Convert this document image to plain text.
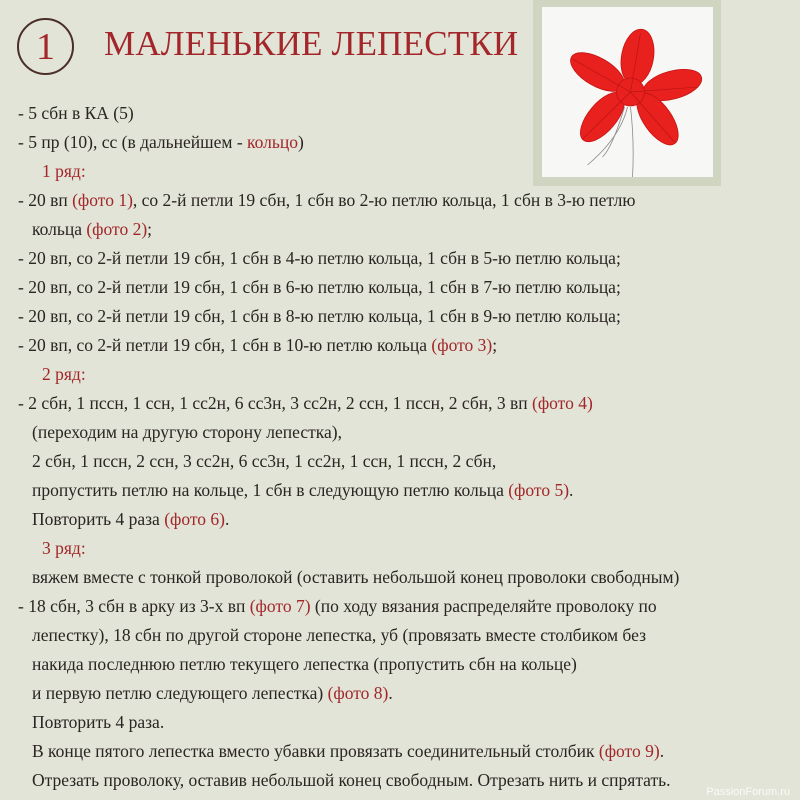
1 МАЛЕНЬКИЕ ЛЕПЕСТКИ
- 5 сбн в КА (5)
- 5 пр (10), сс (в дальнейшем - кольцо)
1 ряд:
- 20 вп (фото 1), со 2-й петли 19 сбн, 1 сбн во 2-ю петлю кольца, 1 сбн в 3-ю петлю
кольца (фото 2);
- 20 вп, со 2-й петли 19 сбн, 1 сбн в 4-ю петлю кольца, 1 сбн в 5-ю петлю кольца;
- 20 вп, со 2-й петли 19 сбн, 1 сбн в 6-ю петлю кольца, 1 сбн в 7-ю петлю кольца;
- 20 вп, со 2-й петли 19 сбн, 1 сбн в 8-ю петлю кольца, 1 сбн в 9-ю петлю кольца;
- 20 вп, со 2-й петли 19 сбн, 1 сбн в 10-ю петлю кольца (фото 3);
2 ряд:
- 2 сбн, 1 пссн, 1 ссн, 1 сс2н, 6 сс3н, 3 сс2н, 2 ссн, 1 пссн, 2 сбн, 3 вп (фото 4)
(переходим на другую сторону лепестка),
2 сбн, 1 пссн, 2 ссн, 3 сс2н, 6 сс3н, 1 сс2н, 1 ссн, 1 пссн, 2 сбн,
пропустить петлю на кольце, 1 сбн в следующую петлю кольца (фото 5).
Повторить 4 раза (фото 6).
3 ряд:
вяжем вместе с тонкой проволокой (оставить небольшой конец проволоки свободным)
- 18 сбн, 3 сбн в арку из 3-х вп (фото 7) (по ходу вязания распределяйте проволоку по
лепестку), 18 сбн по другой стороне лепестка, уб (провязать вместе столбиком без
накида последнюю петлю текущего лепестка (пропустить сбн на кольце)
и первую петлю следующего лепестка) (фото 8).
Повторить 4 раза.
В конце пятого лепестка вместо убавки провязать соединительный столбик (фото 9).
Отрезать проволоку, оставив небольшой конец свободным. Отрезать нить и спрятать.
PassionForum.ru
